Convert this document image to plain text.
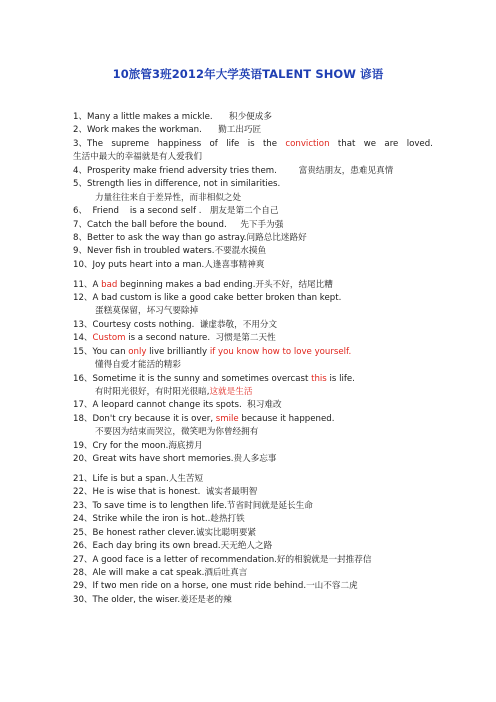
10旅管3班2012年大学英语TALENT SHOW 谚语
1、Many a little makes a mickle.      积少便成多
2、Work makes the workman.      勤工出巧匠
3、The supreme happiness of life is the conviction that we are loved.
生活中最大的幸福就是有人爱我们
4、Prosperity make friend adversity tries them.        富贵结朋友，患难见真情
5、Strength lies in difference, not in similarities.
力量往往来自于差异性，而非相似之处
6、  Friend    is a second self .   朋友是第二个自己
7、Catch the ball before the bound.     先下手为强
8、Better to ask the way than go astray.问路总比迷路好
9、Never fish in troubled waters.不要混水摸鱼
10、Joy puts heart into a man.人逢喜事精神爽
11、A bad beginning makes a bad ending.开头不好，结尾比糟
12、A bad custom is like a good cake better broken than kept.
蛋糕莫保留，坏习气要除掉
13、Courtesy costs nothing.  谦虚恭敬，不用分文
14、Custom is a second nature.  习惯是第二天性
15、You can only live brilliantly if you know how to love yourself.
懂得自爱才能活的精彩
16、Sometime it is the sunny and sometimes overcast this is life.
有时阳光很好，有时阳光很暗,这就是生活
17、A leopard cannot change its spots.  积习难改
18、Don't cry because it is over, smile because it happened.
不要因为结束而哭泣，微笑吧为你曾经拥有
19、Cry for the moon.海底捞月
20、Great wits have short memories.贵人多忘事
21、Life is but a span.人生苦短
22、He is wise that is honest.  诚实者最明智
23、To save time is to lengthen life.节省时间就是延长生命
24、Strike while the iron is hot..趁热打铁
25、Be honest rather clever.诚实比聪明要紧
26、Each day bring its own bread.天无绝人之路
27、A good face is a letter of recommendation.好的相貌就是一封推荐信
28、Ale will make a cat speak.酒后吐真言
29、If two men ride on a horse, one must ride behind.一山不容二虎
30、The older, the wiser.姜还是老的辣
